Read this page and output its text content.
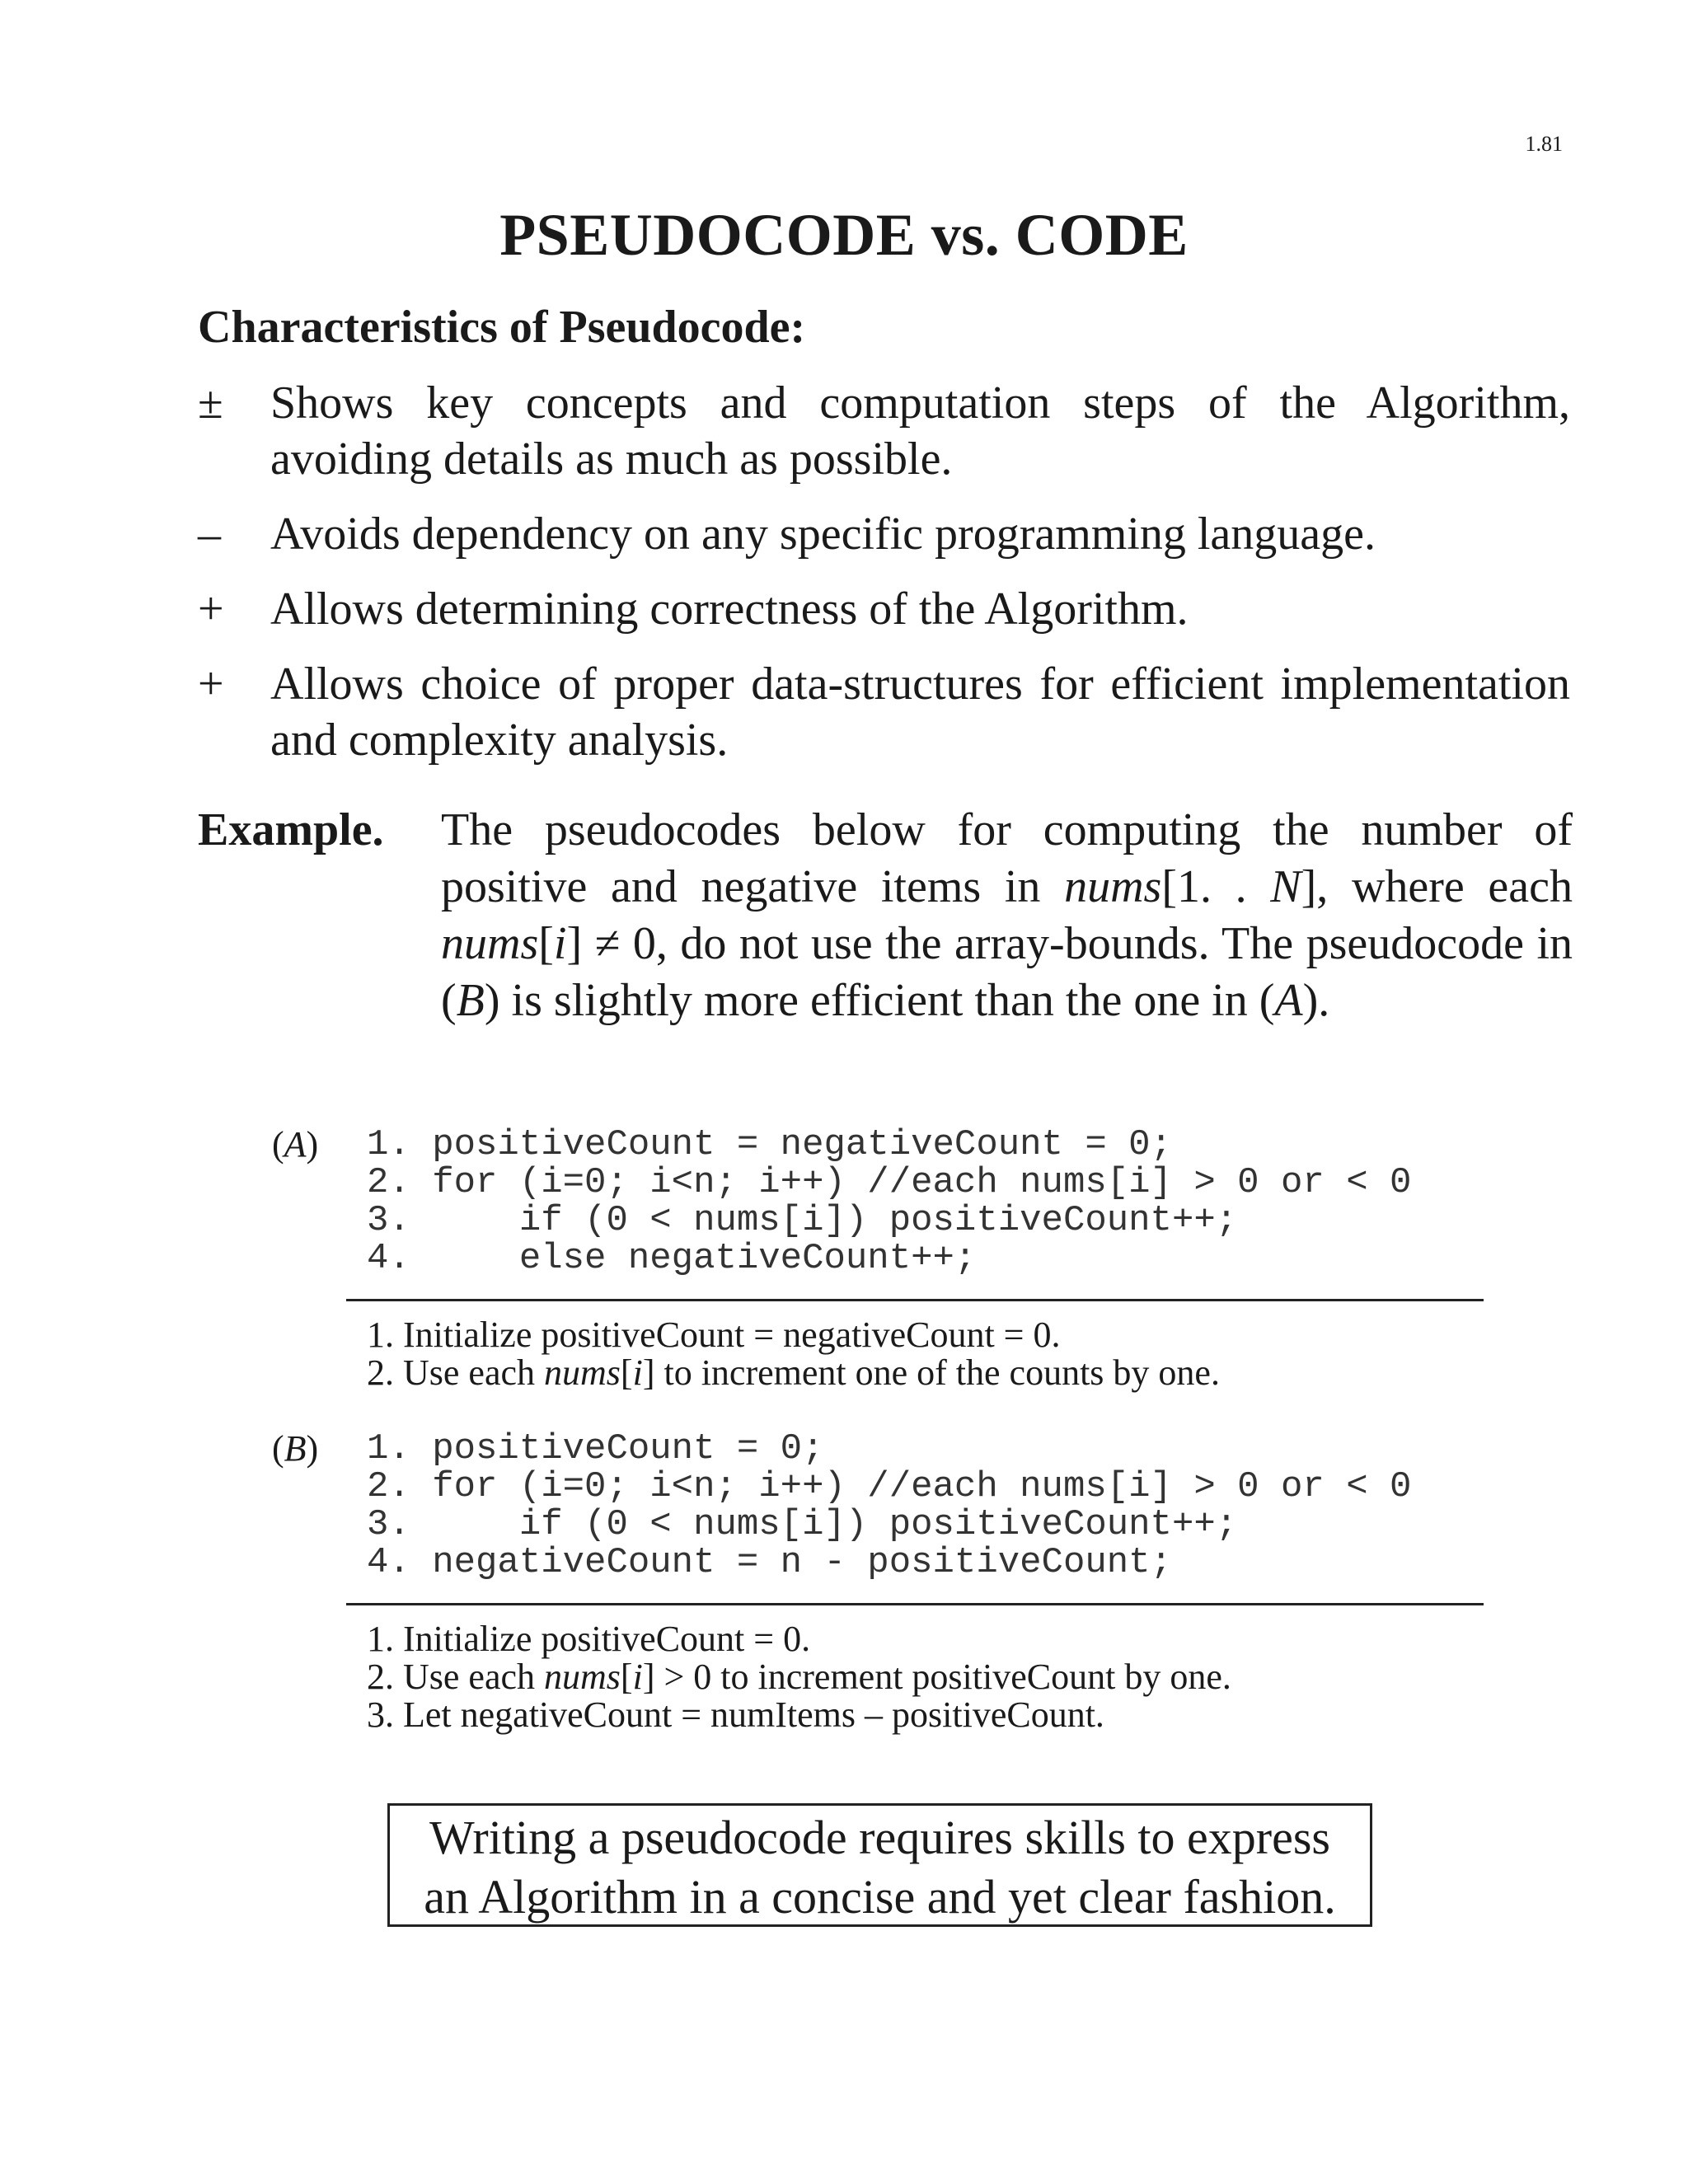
1.81
PSEUDOCODE vs. CODE
Characteristics of Pseudocode:
±	Shows key concepts and computation steps of the Algorithm, avoiding details as much as possible.
–	Avoids dependency on any specific programming language.
+	Allows determining correctness of the Algorithm.
+	Allows choice of proper data-structures for efficient implementation and complexity analysis.
Example.	The pseudocodes below for computing the number of positive and negative items in nums[1. . N], where each nums[i] ≠ 0, do not use the array-bounds. The pseudocode in (B) is slightly more efficient than the one in (A).
(A) 1. positiveCount = negativeCount = 0;
2. for (i=0; i<n; i++) //each nums[i] > 0 or < 0
3.     if (0 < nums[i]) positiveCount++;
4.     else negativeCount++;
1. Initialize positiveCount = negativeCount = 0.
2. Use each nums[i] to increment one of the counts by one.
(B) 1. positiveCount = 0;
2. for (i=0; i<n; i++) //each nums[i] > 0 or < 0
3.     if (0 < nums[i]) positiveCount++;
4. negativeCount = n - positiveCount;
1. Initialize positiveCount = 0.
2. Use each nums[i] > 0 to increment positiveCount by one.
3. Let negativeCount = numItems – positiveCount.
Writing a pseudocode requires skills to express
an Algorithm in a concise and yet clear fashion.
